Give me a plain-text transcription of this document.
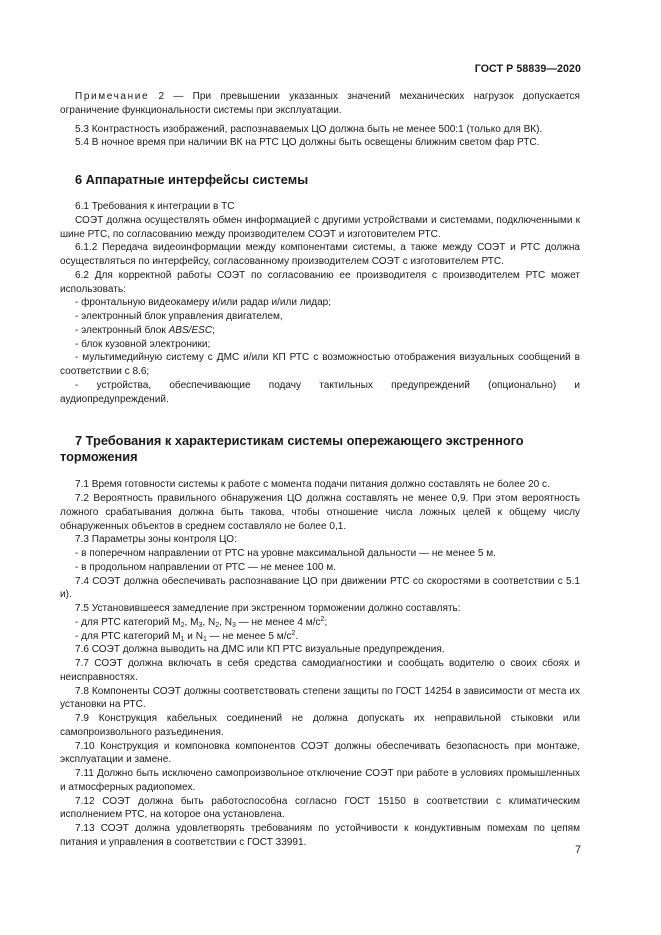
ГОСТ Р 58839—2020

Примечание 2 — При превышении указанных значений механических нагрузок допускается ограничение функциональности системы при эксплуатации.

5.3 Контрастность изображений, распознаваемых ЦО должна быть не менее 500:1 (только для ВК).

5.4 В ночное время при наличии ВК на РТС ЦО должны быть освещены ближним светом фар РТС.

6 Аппаратные интерфейсы системы

6.1 Требования к интеграции в ТС

СОЭТ должна осуществлять обмен информацией с другими устройствами и системами, подключенными к шине РТС, по согласованию между производителем СОЭТ и изготовителем РТС.

6.1.2 Передача видеоинформации между компонентами системы, а также между СОЭТ и РТС должна осуществляться по интерфейсу, согласованному производителем СОЭТ с изготовителем РТС.

6.2 Для корректной работы СОЭТ по согласованию ее производителя с производителем РТС может использовать:

- фронтальную видеокамеру и/или радар и/или лидар;

- электронный блок управления двигателем,

- электронный блок ABS/ESC;

- блок кузовной электроники;

- мультимедийную систему с ДМС и/или КП РТС с возможностью отображения визуальных сообщений в соответствии с 8.6;

- устройства, обеспечивающие подачу тактильных предупреждений (опционально) и аудиопредупреждений.

7 Требования к характеристикам системы опережающего экстренного торможения

7.1 Время готовности системы к работе с момента подачи питания должно составлять не более 20 с.

7.2 Вероятность правильного обнаружения ЦО должна составлять не менее 0,9. При этом вероятность ложного срабатывания должна быть такова, чтобы отношение числа ложных целей к общему числу обнаруженных объектов в среднем составляло не более 0,1.

7.3 Параметры зоны контроля ЦО:

- в поперечном направлении от РТС на уровне максимальной дальности — не менее 5 м.

- в продольном направлении от РТС — не менее 100 м.

7.4 СОЭТ должна обеспечивать распознавание ЦО при движении РТС со скоростями в соответствии с 5.1 и).

7.5 Установившееся замедление при экстренном торможении должно составлять:

- для РТС категорий М2, М3, N2, N3 — не менее 4 $м/с^2$;

- для РТС категорий М1 и N1 — не менее 5 $м/с^2$.

7.6 СОЭТ должна выводить на ДМС или КП РТС визуальные предупреждения.

7.7 СОЭТ должна включать в себя средства самодиагностики и сообщать водителю о своих сбоях и неисправностях.

7.8 Компоненты СОЭТ должны соответствовать степени защиты по ГОСТ 14254 в зависимости от места их установки на РТС.

7.9 Конструкция кабельных соединений не должна допускать их неправильной стыковки или самопроизвольного разъединения.

7.10 Конструкция и компоновка компонентов СОЭТ должны обеспечивать безопасность при монтаже, эксплуатации и замене.

7.11 Должно быть исключено самопроизвольное отключение СОЭТ при работе в условиях промышленных и атмосферных радиопомех.

7.12 СОЭТ должна быть работоспособна согласно ГОСТ 15150 в соответствии с климатическим исполнением РТС, на которое она установлена.

7.13 СОЭТ должна удовлетворять требованиям по устойчивости к кондуктивным помехам по цепям питания и управления в соответствии с ГОСТ 33991.

7
